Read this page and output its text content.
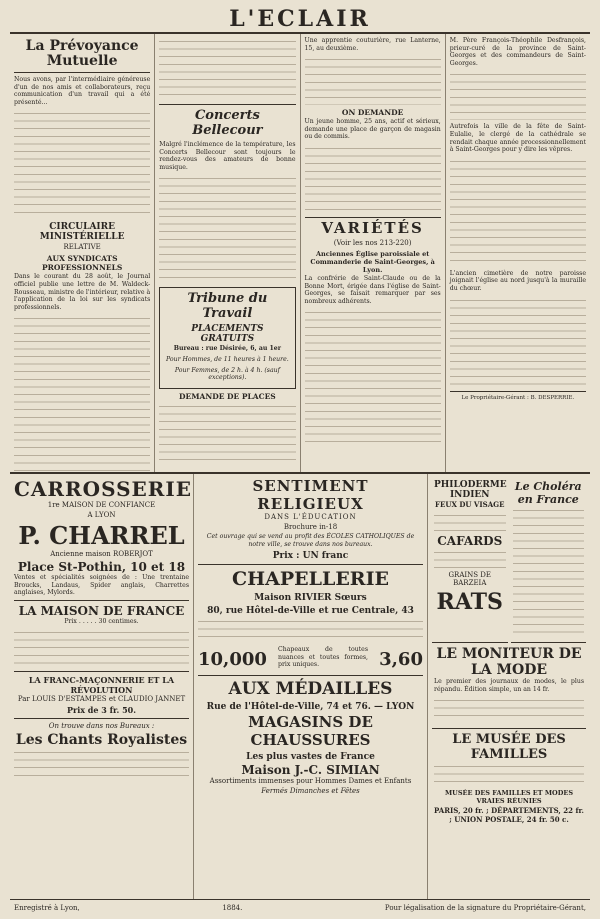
L'ECLAIR
La Prévoyance Mutuelle

Nous avons, par l'intermédiaire généreuse d'un de nos amis et collaborateurs, reçu communication d'un travail qui a été présenté...

CIRCULAIRE MINISTÉRIELLE
RELATIVE
AUX SYNDICATS PROFESSIONNELS

Dans le courant du 28 août, le Journal officiel publie une lettre de M. Waldeck-Rousseau, ministre de l'intérieur, relative à l'application de la loi sur les syndicats professionnels.

Concerts Bellecour

Malgré l'inclémence de la température, les Concerts Bellecour sont toujours le rendez-vous des amateurs de bonne musique.

Tribune du Travail
PLACEMENTS GRATUITS
Bureau : rue Désirée, 6, au 1er
Pour Hommes, de 11 heures à 1 heure.
Pour Femmes, de 2 h. à 4 h. (sauf exceptions).
DEMANDE DE PLACES

Une apprentie couturière, rue Lanterne, 15, au deuxième.

ON DEMANDE

Un jeune homme, 25 ans, actif et sérieux, demande une place de garçon de magasin ou de commis.

VARIÉTÉS
(Voir les nos 213-220)
Anciennes Église paroissiale et Commanderie de Saint-Georges, à Lyon.

La confrérie de Saint-Claude ou de la Bonne Mort, érigée dans l'église de Saint-Georges, se faisait remarquer par ses nombreux adhérents.

M. Père François-Théophile Desfrançois, prieur-curé de la province de Saint-Georges et des commandeurs de Saint-Georges.

Autrefois la ville de la fête de Saint-Eulalie, le clergé de la cathédrale se rendait chaque année processionnellement à Saint-Georges pour y dire les vêpres.

L'ancien cimetière de notre paroisse joignait l'église au nord jusqu'à la muraille du chœur.

Le Propriétaire-Gérant : B. DESPERRIE.
CARROSSERIE
1re MAISON DE CONFIANCE
A LYON
P. CHARREL
Ancienne maison ROBERJOT
Place St-Pothin, 10 et 18

Ventes et spécialités soignées de : Une trentaine Broucks, Landaus, Spider anglais, Charrettes anglaises, Mylords.

LA MAISON DE FRANCE
Prix . . . . . 30 centimes.
LA FRANC-MAÇONNERIE ET LA RÉVOLUTION
Par LOUIS D'ESTAMPES et CLAUDIO JANNET
Prix de 3 fr. 50.
On trouve dans nos Bureaux :
Les Chants Royalistes
SENTIMENT RELIGIEUX
DANS L'ÉDUCATION
Brochure in-18
Cet ouvrage qui se vend au profit des ÉCOLES CATHOLIQUES de notre ville, se trouve dans nos bureaux.
Prix : UN franc
CHAPELLERIE
Maison RIVIER Sœurs
80, rue Hôtel-de-Ville et rue Centrale, 43
10,000 Chapeaux de toutes nuances et toutes formes, prix uniques.	3,60
AUX MÉDAILLES
Rue de l'Hôtel-de-Ville, 74 et 76. — LYON
MAGASINS DE CHAUSSURES
Les plus vastes de France
Maison J.-C. SIMIAN
Assortiments immenses pour Hommes Dames et Enfants
Fermés Dimanches et Fêtes
PHILODERME INDIEN
FEUX DU VISAGE
CAFARDS
GRAINS DE BARZEIA
RATS
Le Choléra en France
LE MONITEUR DE LA MODE

Le premier des journaux de modes, le plus répandu. Édition simple, un an 14 fr.

LE MUSÉE DES FAMILLES
MUSÉE DES FAMILLES ET MODES VRAIES RÉUNIES
PARIS, 20 fr. ; DÉPARTEMENTS, 22 fr. ; UNION POSTALE, 24 fr. 50 c.
Enregistré à Lyon,	1884.	Pour légalisation de la signature du Propriétaire-Gérant,
